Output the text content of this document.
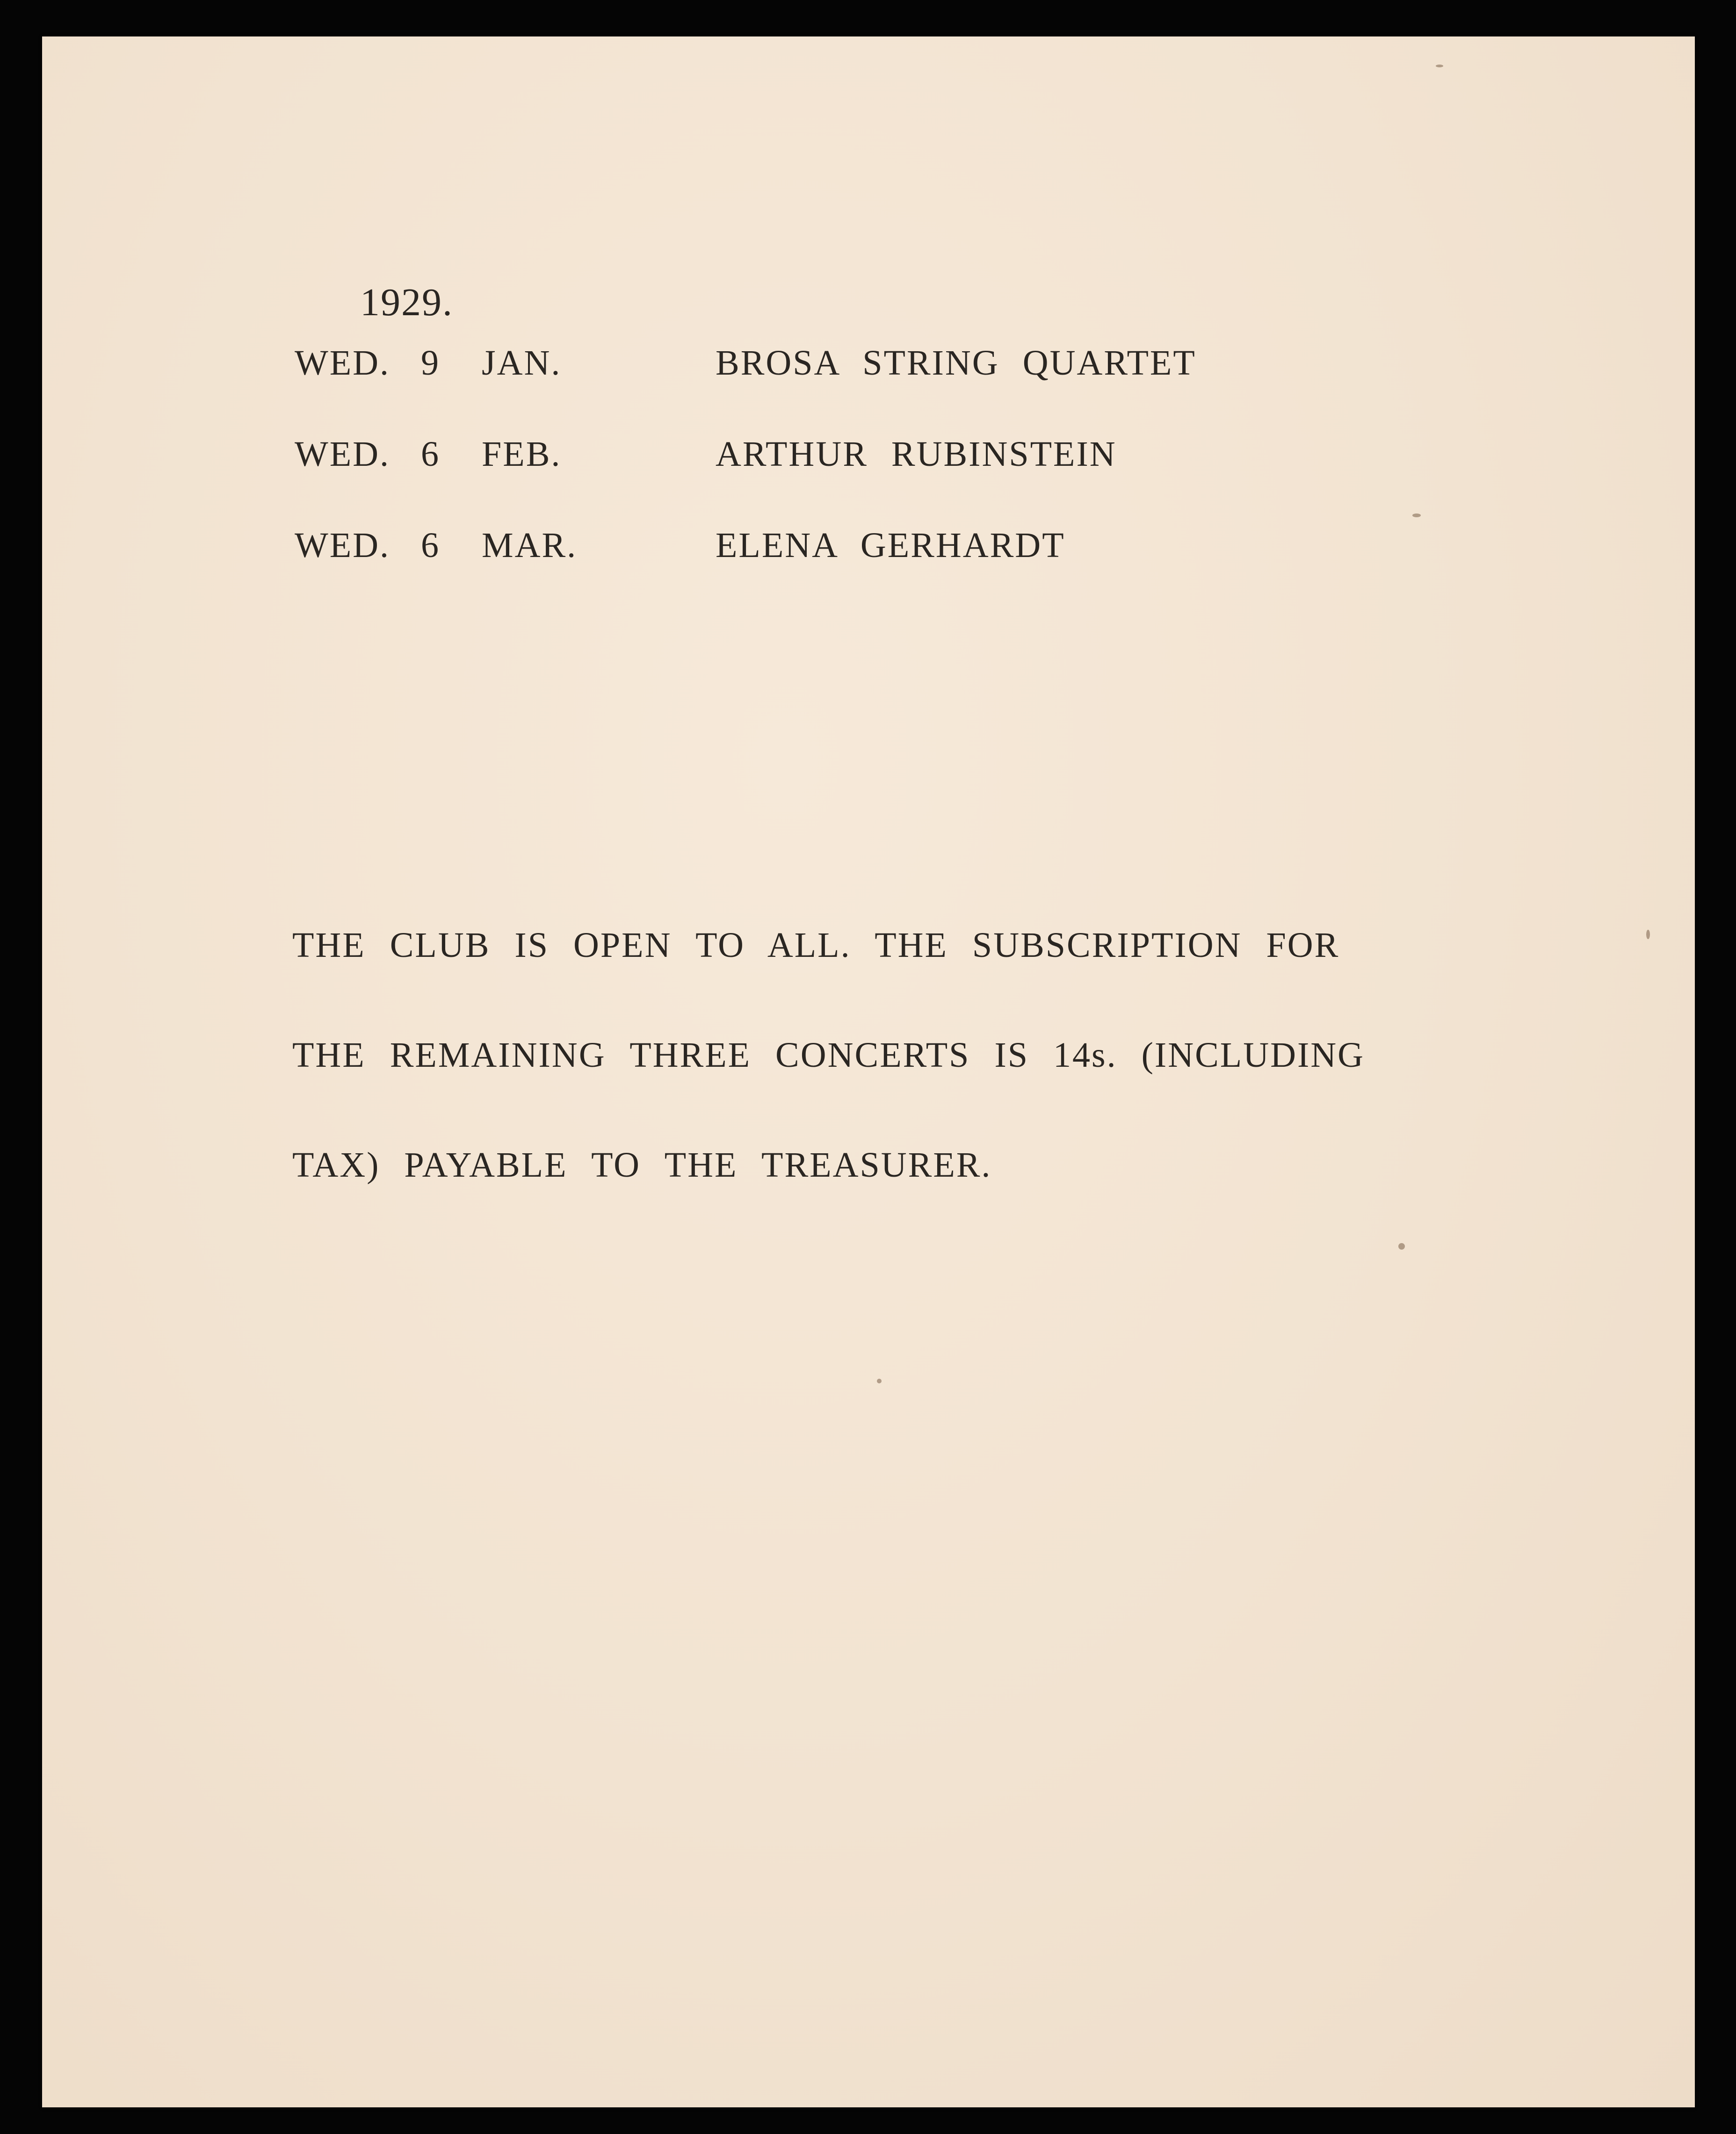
1929.
WED. 9 JAN.	BROSA STRING QUARTET
WED. 6 FEB.	ARTHUR RUBINSTEIN
WED. 6 MAR.	ELENA GERHARDT
THE CLUB IS OPEN TO ALL. THE SUBSCRIPTION FOR
THE REMAINING THREE CONCERTS IS 14s. (INCLUDING
TAX) PAYABLE TO THE TREASURER.
